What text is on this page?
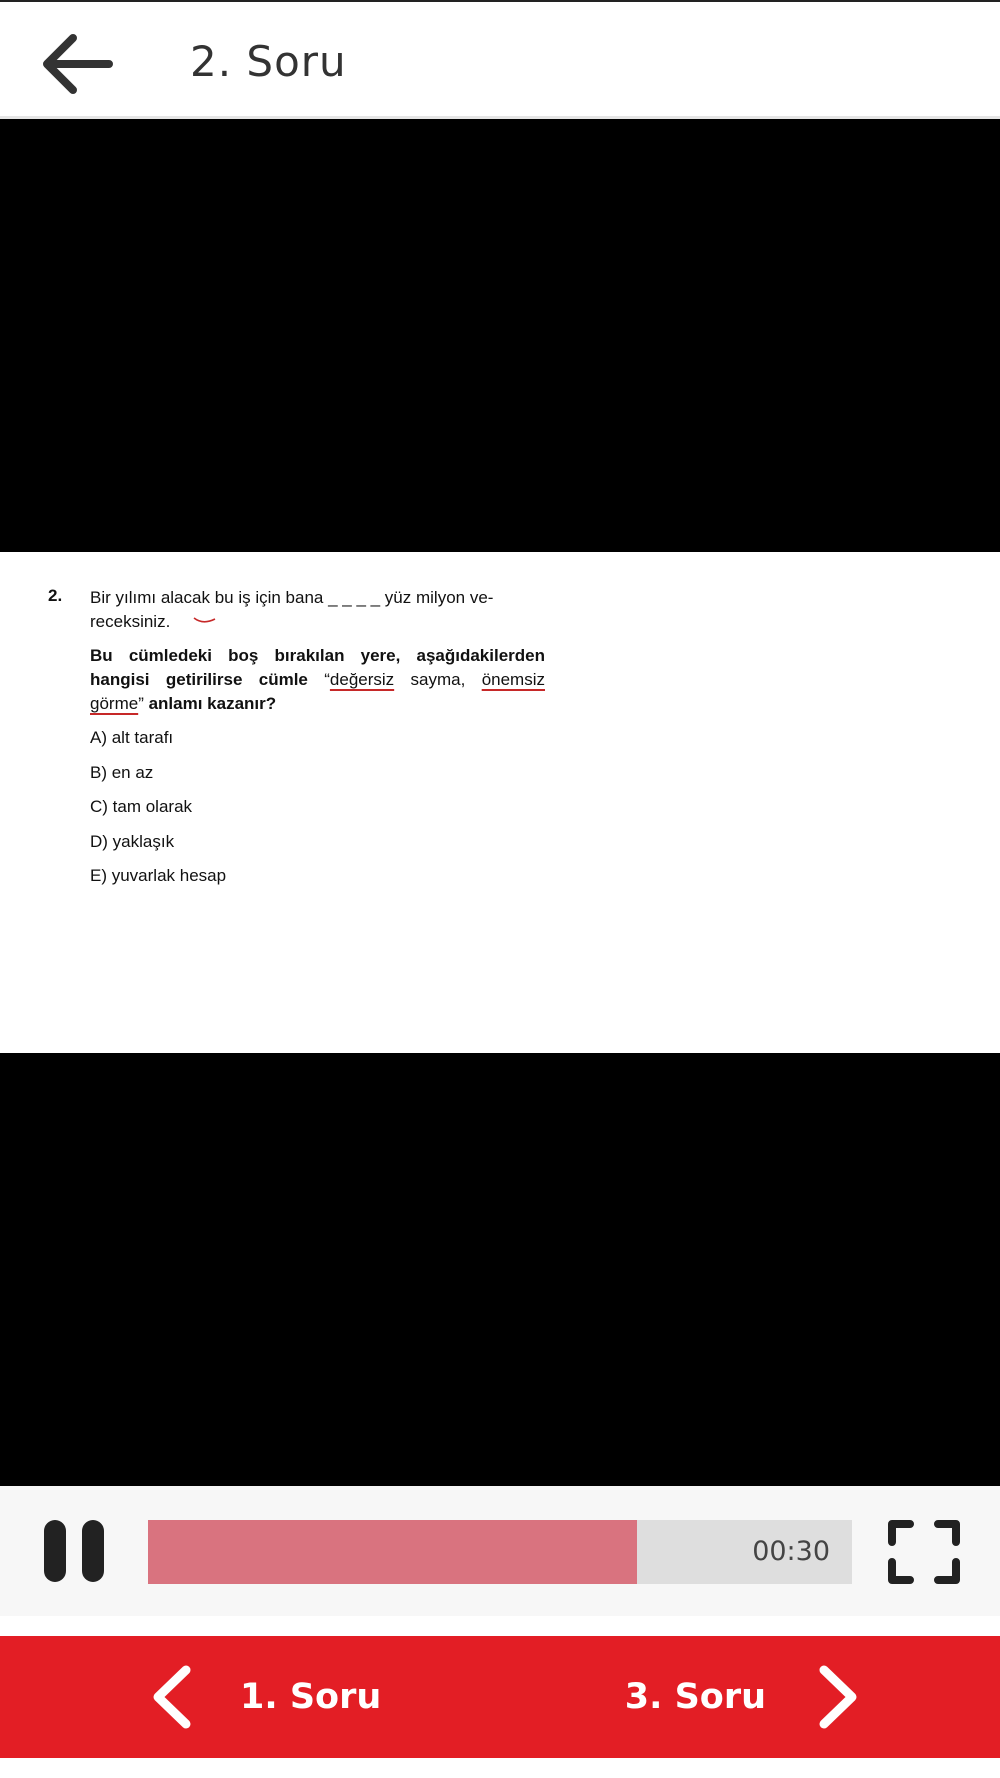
2. Soru
2. Bir yılımı alacak bu iş için bana _ _ _ _ yüz milyon ve-

receksiniz.

Bu cümledeki boş bırakılan yere, aşağıdakilerden hangisi getirilirse cümle “değersiz sayma, önemsiz görme” anlamı kazanır?
A) alt tarafı
B) en az
C) tam olarak
D) yaklaşık
E) yuvarlak hesap
00:30
1. Soru	3. Soru
